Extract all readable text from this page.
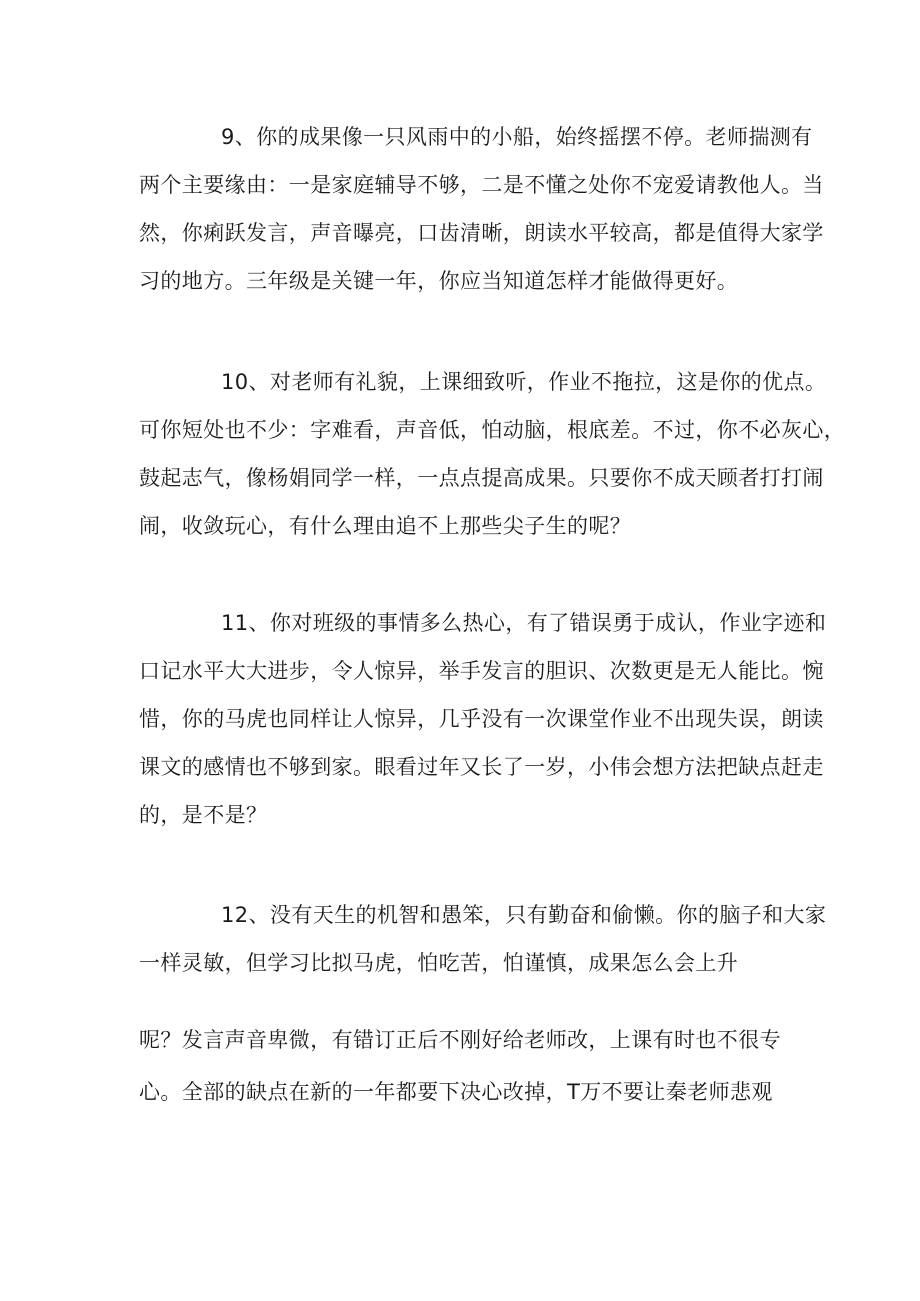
9、你的成果像一只风雨中的小船，始终摇摆不停。老师揣测有
两个主要缘由：一是家庭辅导不够，二是不懂之处你不宠爱请教他人。当
然，你痢跃发言，声音曝亮，口齿清晰，朗读水平较高，都是值得大家学
习的地方。三年级是关键一年，你应当知道怎样才能做得更好。
10、对老师有礼貌，上课细致听，作业不拖拉，这是你的优点。
可你短处也不少：字难看，声音低，怕动脑，根底差。不过，你不必灰心，
鼓起志气，像杨娟同学一样，一点点提高成果。只要你不成天顾者打打闹
闹，收敛玩心，有什么理由追不上那些尖子生的呢？
11、你对班级的事情多么热心，有了错误勇于成认，作业字迹和
口记水平大大进步，令人惊异，举手发言的胆识、次数更是无人能比。惋
惜，你的马虎也同样让人惊异，几乎没有一次课堂作业不出现失误，朗读
课文的感情也不够到家。眼看过年又长了一岁，小伟会想方法把缺点赶走
的，是不是？
12、没有天生的机智和愚笨，只有勤奋和偷懒。你的脑子和大家
一样灵敏，但学习比拟马虎，怕吃苦，怕谨慎，成果怎么会上升
呢？发言声音卑微，有错订正后不刚好给老师改，上课有时也不很专
心。全部的缺点在新的一年都要下决心改掉，T万不要让秦老师悲观
